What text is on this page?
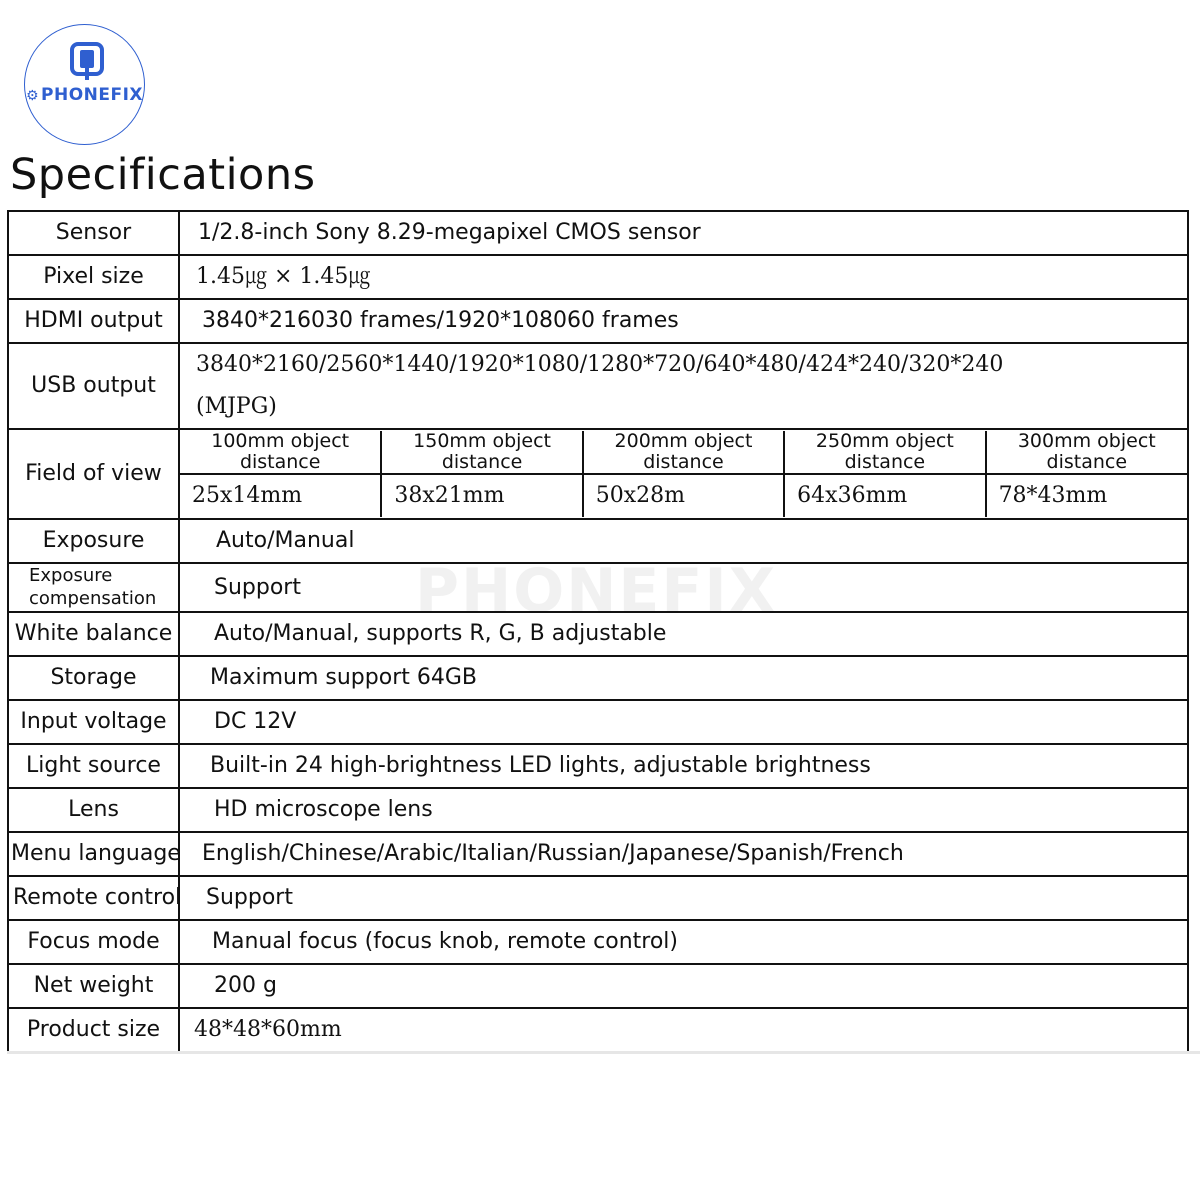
⚙ PHONEFIX
Specifications
PHONEFIX
Sensor	1/2.8-inch Sony 8.29-megapixel CMOS sensor
Pixel size	1.45㎍ × 1.45㎍
HDMI output	3840*216030 frames/1920*108060 frames
USB output	
3840*2160/2560*1440/1920*1080/1280*720/640*480/424*240/320*240
(MJPG)

Field of view	
100mm object distance	150mm object distance	200mm object distance	250mm object distance	300mm object distance
25x14mm	38x21mm	50x28m	64x36mm	78*43mm

Exposure	Auto/Manual
Exposure compensation	Support
White balance	Auto/Manual, supports R, G, B adjustable
Storage	Maximum support 64GB
Input voltage	DC 12V
Light source	Built-in 24 high-brightness LED lights, adjustable brightness
Lens	HD microscope lens
Menu language	English/Chinese/Arabic/Italian/Russian/Japanese/Spanish/French
Remote control	Support
Focus mode	Manual focus (focus knob, remote control)
Net weight	200 g
Product size	48*48*60mm
